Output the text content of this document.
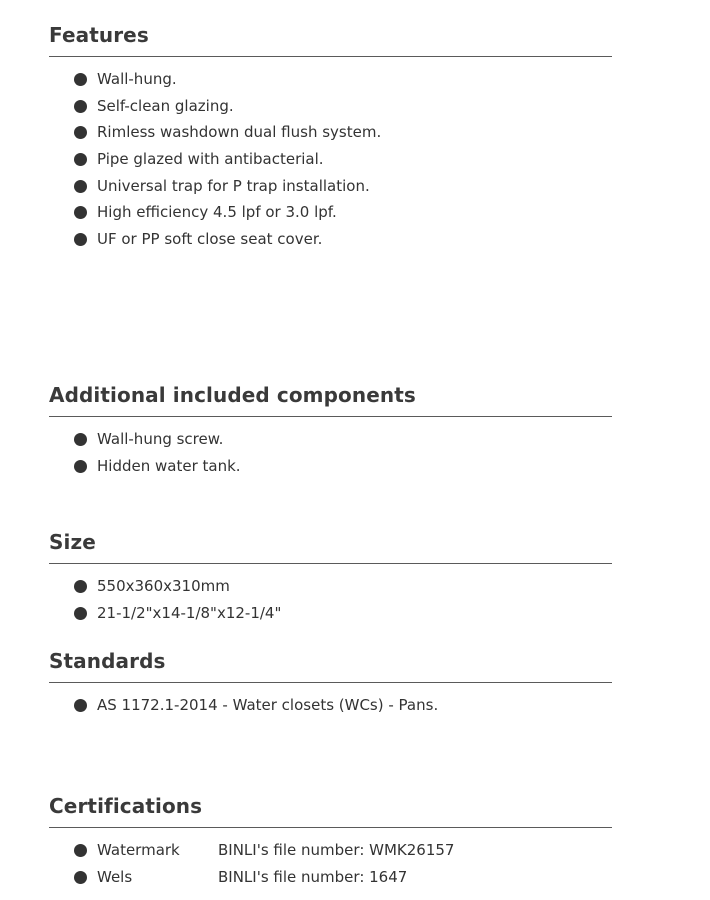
Features
Wall-hung.
Self-clean glazing.
Rimless washdown dual flush system.
Pipe glazed with antibacterial.
Universal trap for P trap installation.
High efficiency 4.5 lpf or 3.0 lpf.
UF or PP soft close seat cover.
Additional included components
Wall-hung screw.
Hidden water tank.
Size
550x360x310mm
21-1/2"x14-1/8"x12-1/4"
Standards
AS 1172.1-2014 - Water closets (WCs) - Pans.
Certifications
Watermark	BINLI's file number: WMK26157
Wels	BINLI's file number: 1647
